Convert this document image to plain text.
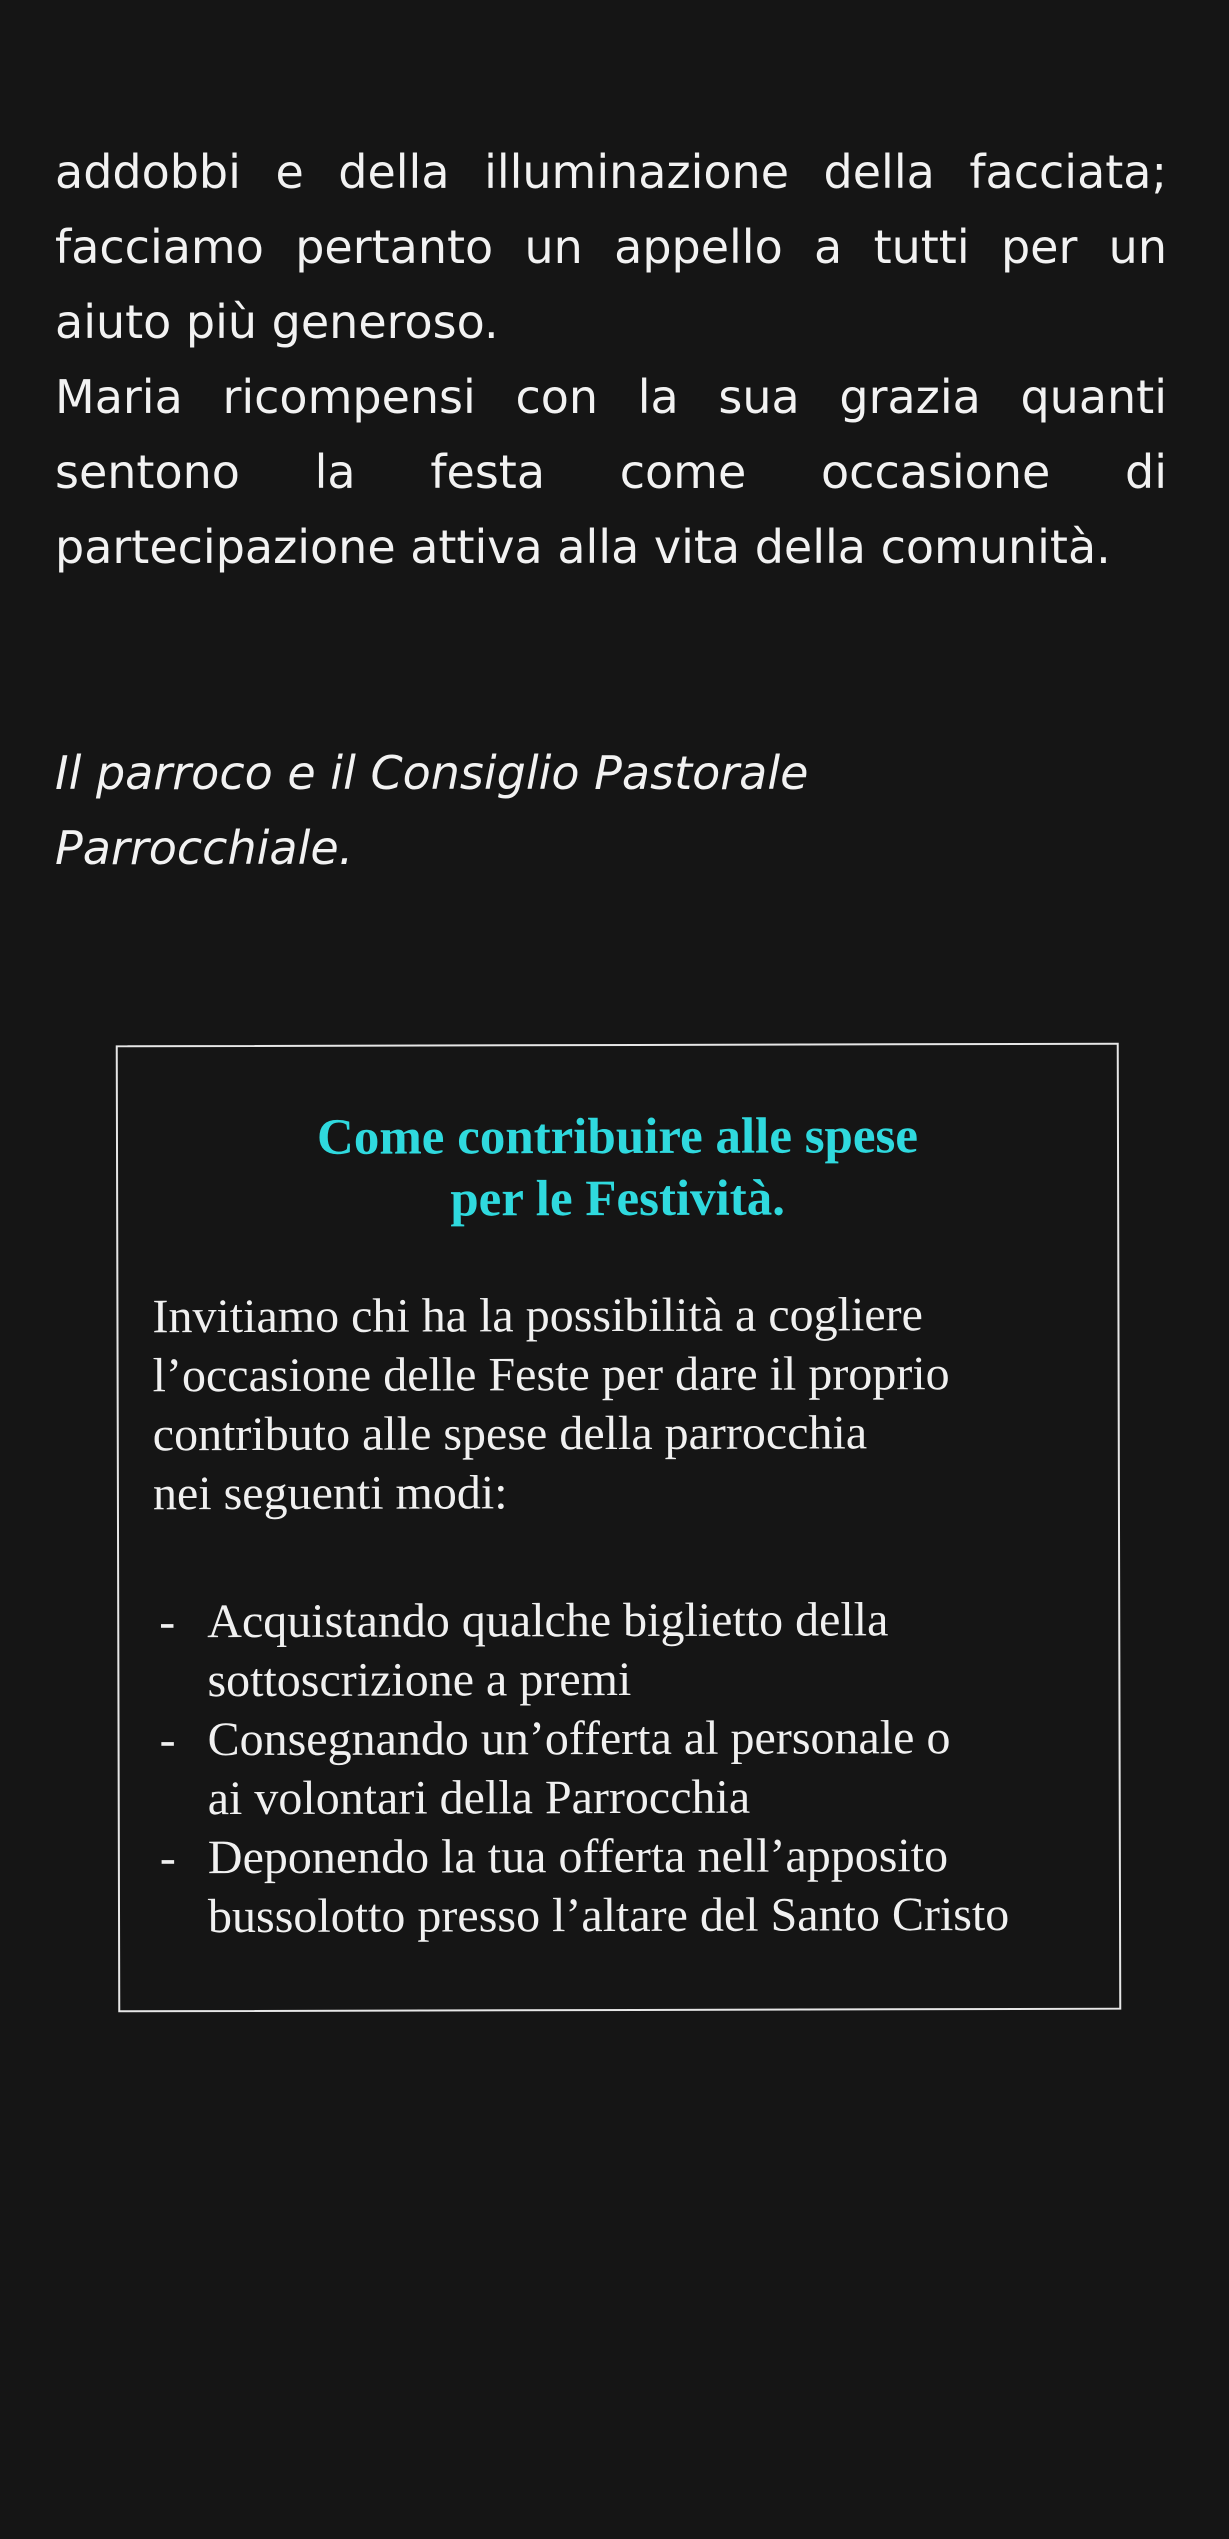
addobbi e della illuminazione della facciata;
facciamo pertanto un appello a tutti per un
aiuto più generoso.

Maria ricompensi con la sua grazia quanti
sentono la festa come occasione di
partecipazione attiva alla vita della comunità.

Il parroco e il Consiglio Pastorale
Parrocchiale.
Come contribuire alle spese
per le Festività.
Invitiamo chi ha la possibilità a cogliere
l’occasione delle Feste per dare il proprio
contributo alle spese della parrocchia
nei seguenti modi:
- Acquistando qualche biglietto della
sottoscrizione a premi
- Consegnando un’offerta al personale o
ai volontari della Parrocchia
- Deponendo la tua offerta nell’apposito
bussolotto presso l’altare del Santo Cristo
